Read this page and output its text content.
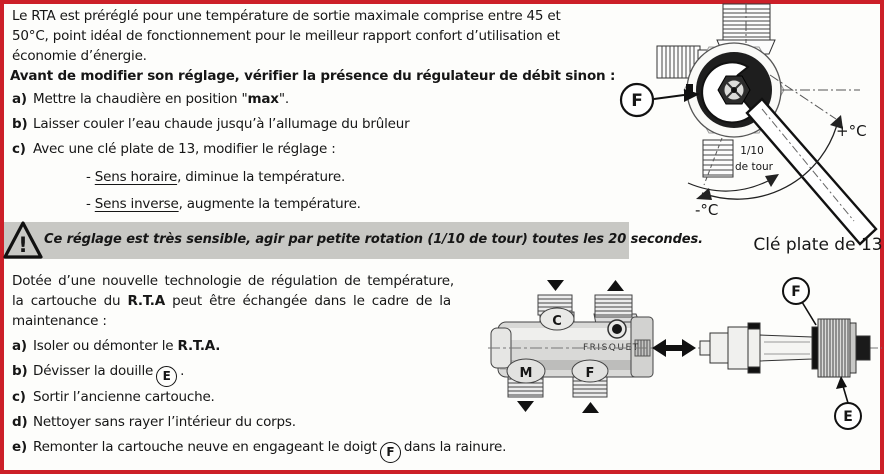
Le RTA est préréglé pour une température de sortie maximale comprise entre 45 et
50°C, point idéal de fonctionnement pour le meilleur rapport confort d’utilisation et
économie d’énergie.
Avant de modifier son réglage, vérifier la présence du régulateur de débit sinon :
a) Mettre la chaudière en position "max".
b) Laisser couler l’eau chaude jusqu’à l’allumage du brûleur
c) Avec une clé plate de 13, modifier le réglage :
- Sens horaire, diminue la température.
- Sens inverse, augmente la température.
! Ce réglage est très sensible, agir par petite rotation (1/10 de tour) toutes les 20 secondes.
Dotée d’une nouvelle technologie de régulation de température,
la cartouche du R.T.A peut être échangée dans le cadre de la
maintenance :
a) Isoler ou démonter le R.T.A.
b) Dévisser la douille E .
c) Sortir l’ancienne cartouche.
d) Nettoyer sans rayer l’intérieur du corps.
e) Remonter la cartouche neuve en engageant le doigt F dans la rainure.
F
+°C
-°C
1/10
de tour
Clé plate de 13
FRISQUET
C
M	F
F
E
